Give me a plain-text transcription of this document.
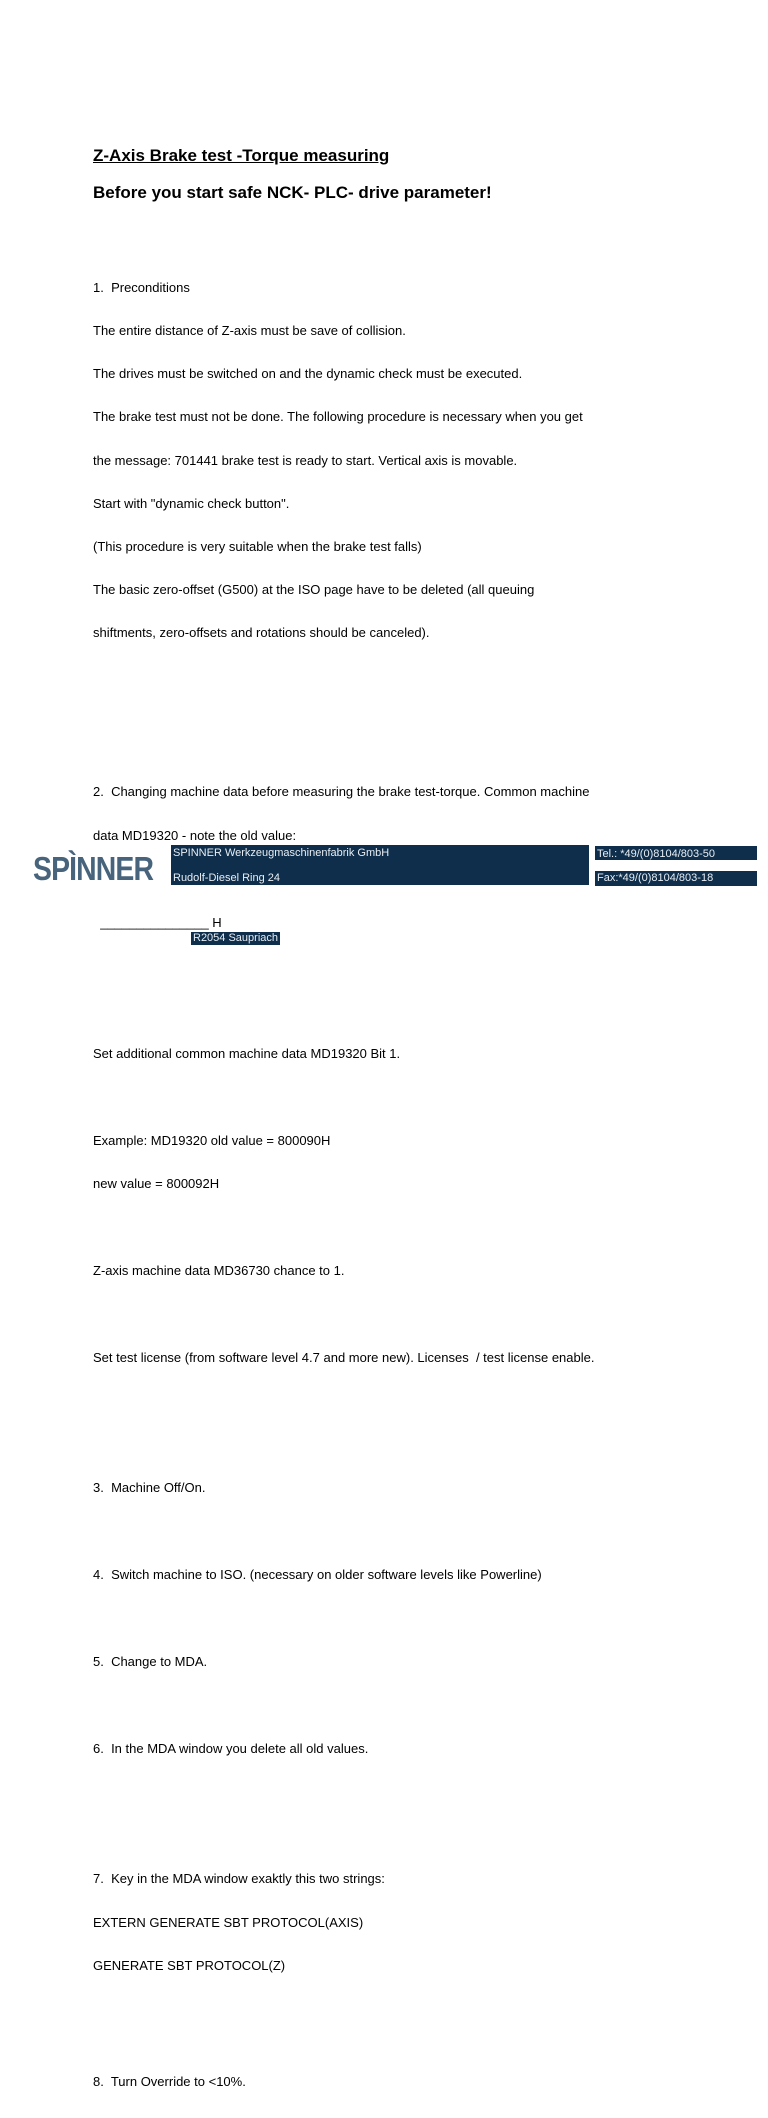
Z-Axis Brake test -Torque measuring
Before you start safe NCK- PLC- drive parameter!

1.  Preconditions

The entire distance of Z-axis must be save of collision.

The drives must be switched on and the dynamic check must be executed.

The brake test must not be done. The following procedure is necessary when you get

the message: 701441 brake test is ready to start. Vertical axis is movable.

Start with "dynamic check button".

(This procedure is very suitable when the brake test falls)

The basic zero-offset (G500) at the ISO page have to be deleted (all queuing

shiftments, zero-offsets and rotations should be canceled).

2.  Changing machine data before measuring the brake test-torque. Common machine

data MD19320 - note the old value:

_______________ H

Set additional common machine data MD19320 Bit 1.

Example: MD19320 old value = 800090H

new value = 800092H

Z-axis machine data MD36730 chance to 1.

Set test license (from software level 4.7 and more new). Licenses  / test license enable.

3.  Machine Off/On.

4.  Switch machine to ISO. (necessary on older software levels like Powerline)

5.  Change to MDA.

6.  In the MDA window you delete all old values.

7.  Key in the MDA window exaktly this two strings:

EXTERN GENERATE SBT PROTOCOL(AXIS)

GENERATE SBT PROTOCOL(Z)

8.  Turn Override to <10%.

SPÌNNER SPINNER Werkzeugmaschinenfabrik GmbH
Rudolf-Diesel Ring 24
Tel.: *49/(0)8104/803-50
Fax:*49/(0)8104/803-18
R2054 Saupriach
